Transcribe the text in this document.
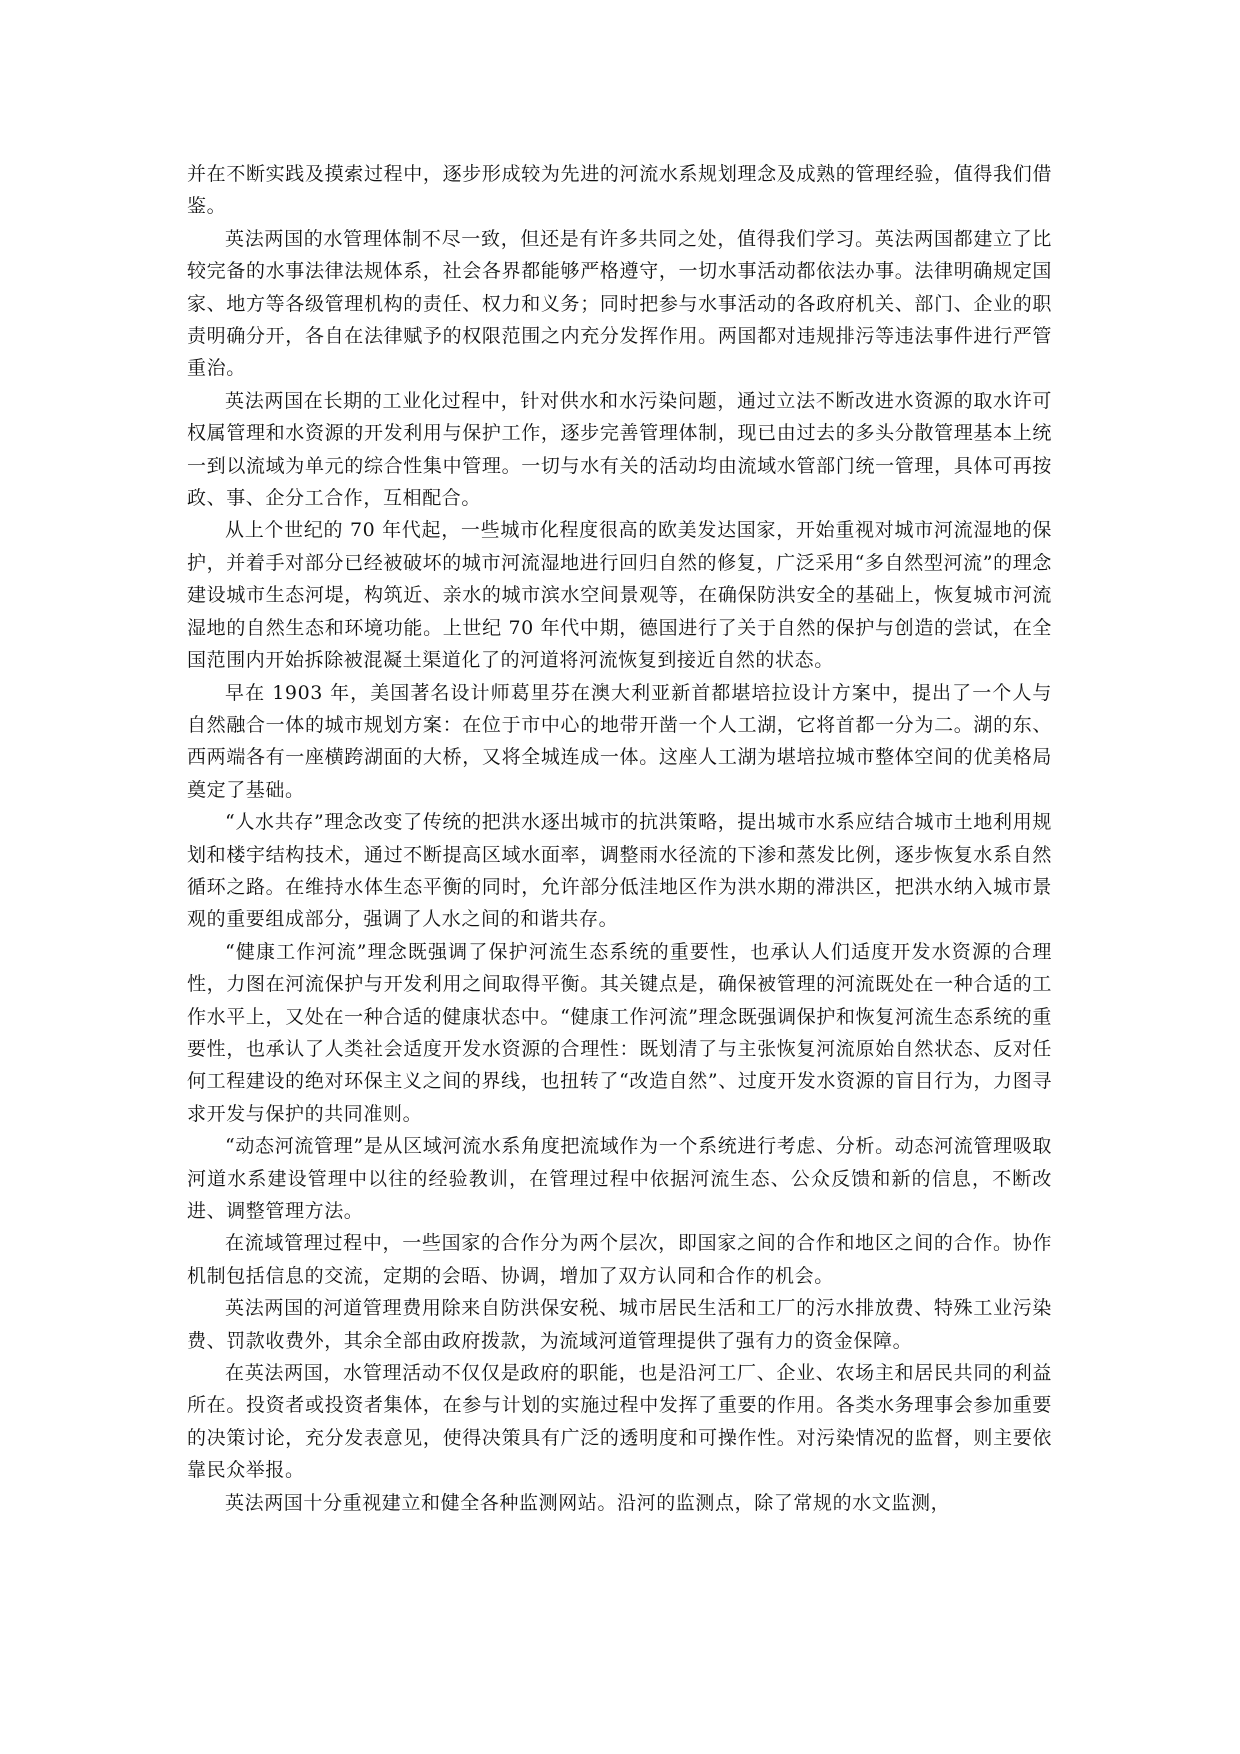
并在不断实践及摸索过程中，逐步形成较为先进的河流水系规划理念及成熟的管理经验，值得我们借鉴。

英法两国的水管理体制不尽一致，但还是有许多共同之处，值得我们学习。英法两国都建立了比较完备的水事法律法规体系，社会各界都能够严格遵守，一切水事活动都依法办事。法律明确规定国家、地方等各级管理机构的责任、权力和义务；同时把参与水事活动的各政府机关、部门、企业的职责明确分开，各自在法律赋予的权限范围之内充分发挥作用。两国都对违规排污等违法事件进行严管重治。

英法两国在长期的工业化过程中，针对供水和水污染问题，通过立法不断改进水资源的取水许可权属管理和水资源的开发利用与保护工作，逐步完善管理体制，现已由过去的多头分散管理基本上统一到以流域为单元的综合性集中管理。一切与水有关的活动均由流域水管部门统一管理，具体可再按政、事、企分工合作，互相配合。

从上个世纪的 70 年代起，一些城市化程度很高的欧美发达国家，开始重视对城市河流湿地的保护，并着手对部分已经被破坏的城市河流湿地进行回归自然的修复，广泛采用“多自然型河流”的理念建设城市生态河堤，构筑近、亲水的城市滨水空间景观等，在确保防洪安全的基础上，恢复城市河流湿地的自然生态和环境功能。上世纪 70 年代中期，德国进行了关于自然的保护与创造的尝试，在全国范围内开始拆除被混凝土渠道化了的河道将河流恢复到接近自然的状态。

早在 1903 年，美国著名设计师葛里芬在澳大利亚新首都堪培拉设计方案中，提出了一个人与自然融合一体的城市规划方案：在位于市中心的地带开凿一个人工湖，它将首都一分为二。湖的东、西两端各有一座横跨湖面的大桥，又将全城连成一体。这座人工湖为堪培拉城市整体空间的优美格局奠定了基础。

“人水共存”理念改变了传统的把洪水逐出城市的抗洪策略，提出城市水系应结合城市土地利用规划和楼宇结构技术，通过不断提高区域水面率，调整雨水径流的下渗和蒸发比例，逐步恢复水系自然循环之路。在维持水体生态平衡的同时，允许部分低洼地区作为洪水期的滞洪区，把洪水纳入城市景观的重要组成部分，强调了人水之间的和谐共存。

“健康工作河流”理念既强调了保护河流生态系统的重要性，也承认人们适度开发水资源的合理性，力图在河流保护与开发利用之间取得平衡。其关键点是，确保被管理的河流既处在一种合适的工作水平上，又处在一种合适的健康状态中。“健康工作河流”理念既强调保护和恢复河流生态系统的重要性，也承认了人类社会适度开发水资源的合理性：既划清了与主张恢复河流原始自然状态、反对任何工程建设的绝对环保主义之间的界线，也扭转了“改造自然”、过度开发水资源的盲目行为，力图寻求开发与保护的共同准则。

“动态河流管理”是从区域河流水系角度把流域作为一个系统进行考虑、分析。动态河流管理吸取河道水系建设管理中以往的经验教训，在管理过程中依据河流生态、公众反馈和新的信息，不断改进、调整管理方法。

在流域管理过程中，一些国家的合作分为两个层次，即国家之间的合作和地区之间的合作。协作机制包括信息的交流，定期的会晤、协调，增加了双方认同和合作的机会。

英法两国的河道管理费用除来自防洪保安税、城市居民生活和工厂的污水排放费、特殊工业污染费、罚款收费外，其余全部由政府拨款，为流域河道管理提供了强有力的资金保障。

在英法两国，水管理活动不仅仅是政府的职能，也是沿河工厂、企业、农场主和居民共同的利益所在。投资者或投资者集体，在参与计划的实施过程中发挥了重要的作用。各类水务理事会参加重要的决策讨论，充分发表意见，使得决策具有广泛的透明度和可操作性。对污染情况的监督，则主要依靠民众举报。

英法两国十分重视建立和健全各种监测网站。沿河的监测点，除了常规的水文监测，
